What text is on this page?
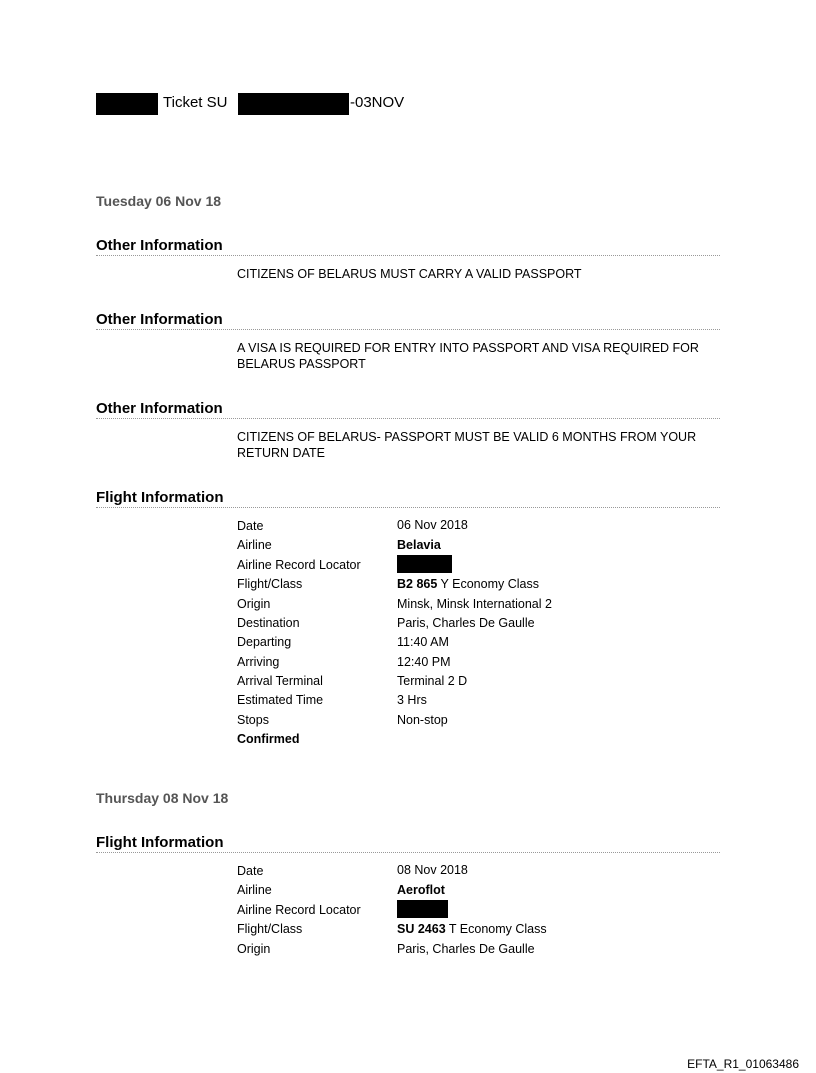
Ticket SU	-03NOV
Tuesday 06 Nov 18
Other Information
CITIZENS OF BELARUS MUST CARRY A VALID PASSPORT
Other Information
A VISA IS REQUIRED FOR ENTRY INTO PASSPORT AND VISA REQUIRED FOR BELARUS PASSPORT
Other Information
CITIZENS OF BELARUS- PASSPORT MUST BE VALID 6 MONTHS FROM YOUR RETURN DATE
Flight Information
Date	06 Nov 2018
Airline	Belavia
Airline Record Locator
Flight/Class	B2 865 Y Economy Class
Origin	Minsk, Minsk International 2
Destination	Paris, Charles De Gaulle
Departing	11:40 AM
Arriving	12:40 PM
Arrival Terminal	Terminal 2 D
Estimated Time	3 Hrs
Stops	Non-stop
Confirmed
Thursday 08 Nov 18
Flight Information
Date	08 Nov 2018
Airline	Aeroflot
Airline Record Locator
Flight/Class	SU 2463 T Economy Class
Origin	Paris, Charles De Gaulle
EFTA_R1_01063486
